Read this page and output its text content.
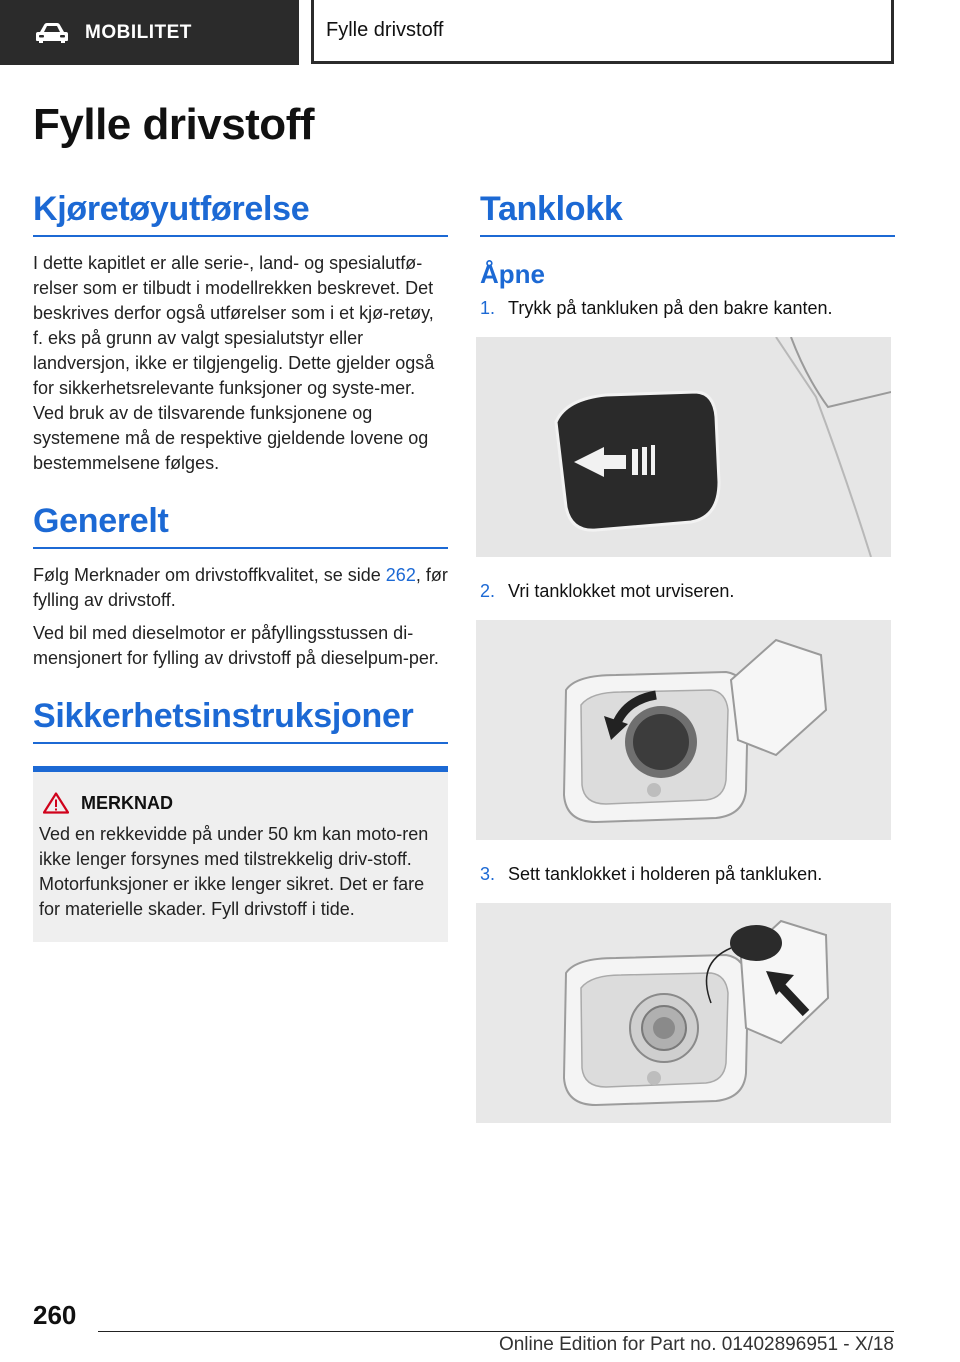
MOBILITET	Fylle drivstoff
Fylle drivstoff
Kjøretøyutførelse

I dette kapitlet er alle serie-, land- og spesialutfø-relser som er tilbudt i modellrekken beskrevet. Det beskrives derfor også utførelser som i et kjø-retøy, f. eks på grunn av valgt spesialutstyr eller landversjon, ikke er tilgjengelig. Dette gjelder også for sikkerhetsrelevante funksjoner og syste-mer. Ved bruk av de tilsvarende funksjonene og systemene må de respektive gjeldende lovene og bestemmelsene følges.

Generelt

Følg Merknader om drivstoffkvalitet, se side 262, før fylling av drivstoff.

Ved bil med dieselmotor er påfyllingsstussen di-mensjonert for fylling av drivstoff på dieselpum-per.

Sikkerhetsinstruksjoner
MERKNAD
Ved en rekkevidde på under 50 km kan moto-ren ikke lenger forsynes med tilstrekkelig driv-stoff. Motorfunksjoner er ikke lenger sikret. Det er fare for materielle skader. Fyll drivstoff i tide.
Tanklokk
Åpne
1. Trykk på tankluken på den bakre kanten.
2. Vri tanklokket mot urviseren.
3. Sett tanklokket i holderen på tankluken.
260
Online Edition for Part no. 01402896951 - X/18
